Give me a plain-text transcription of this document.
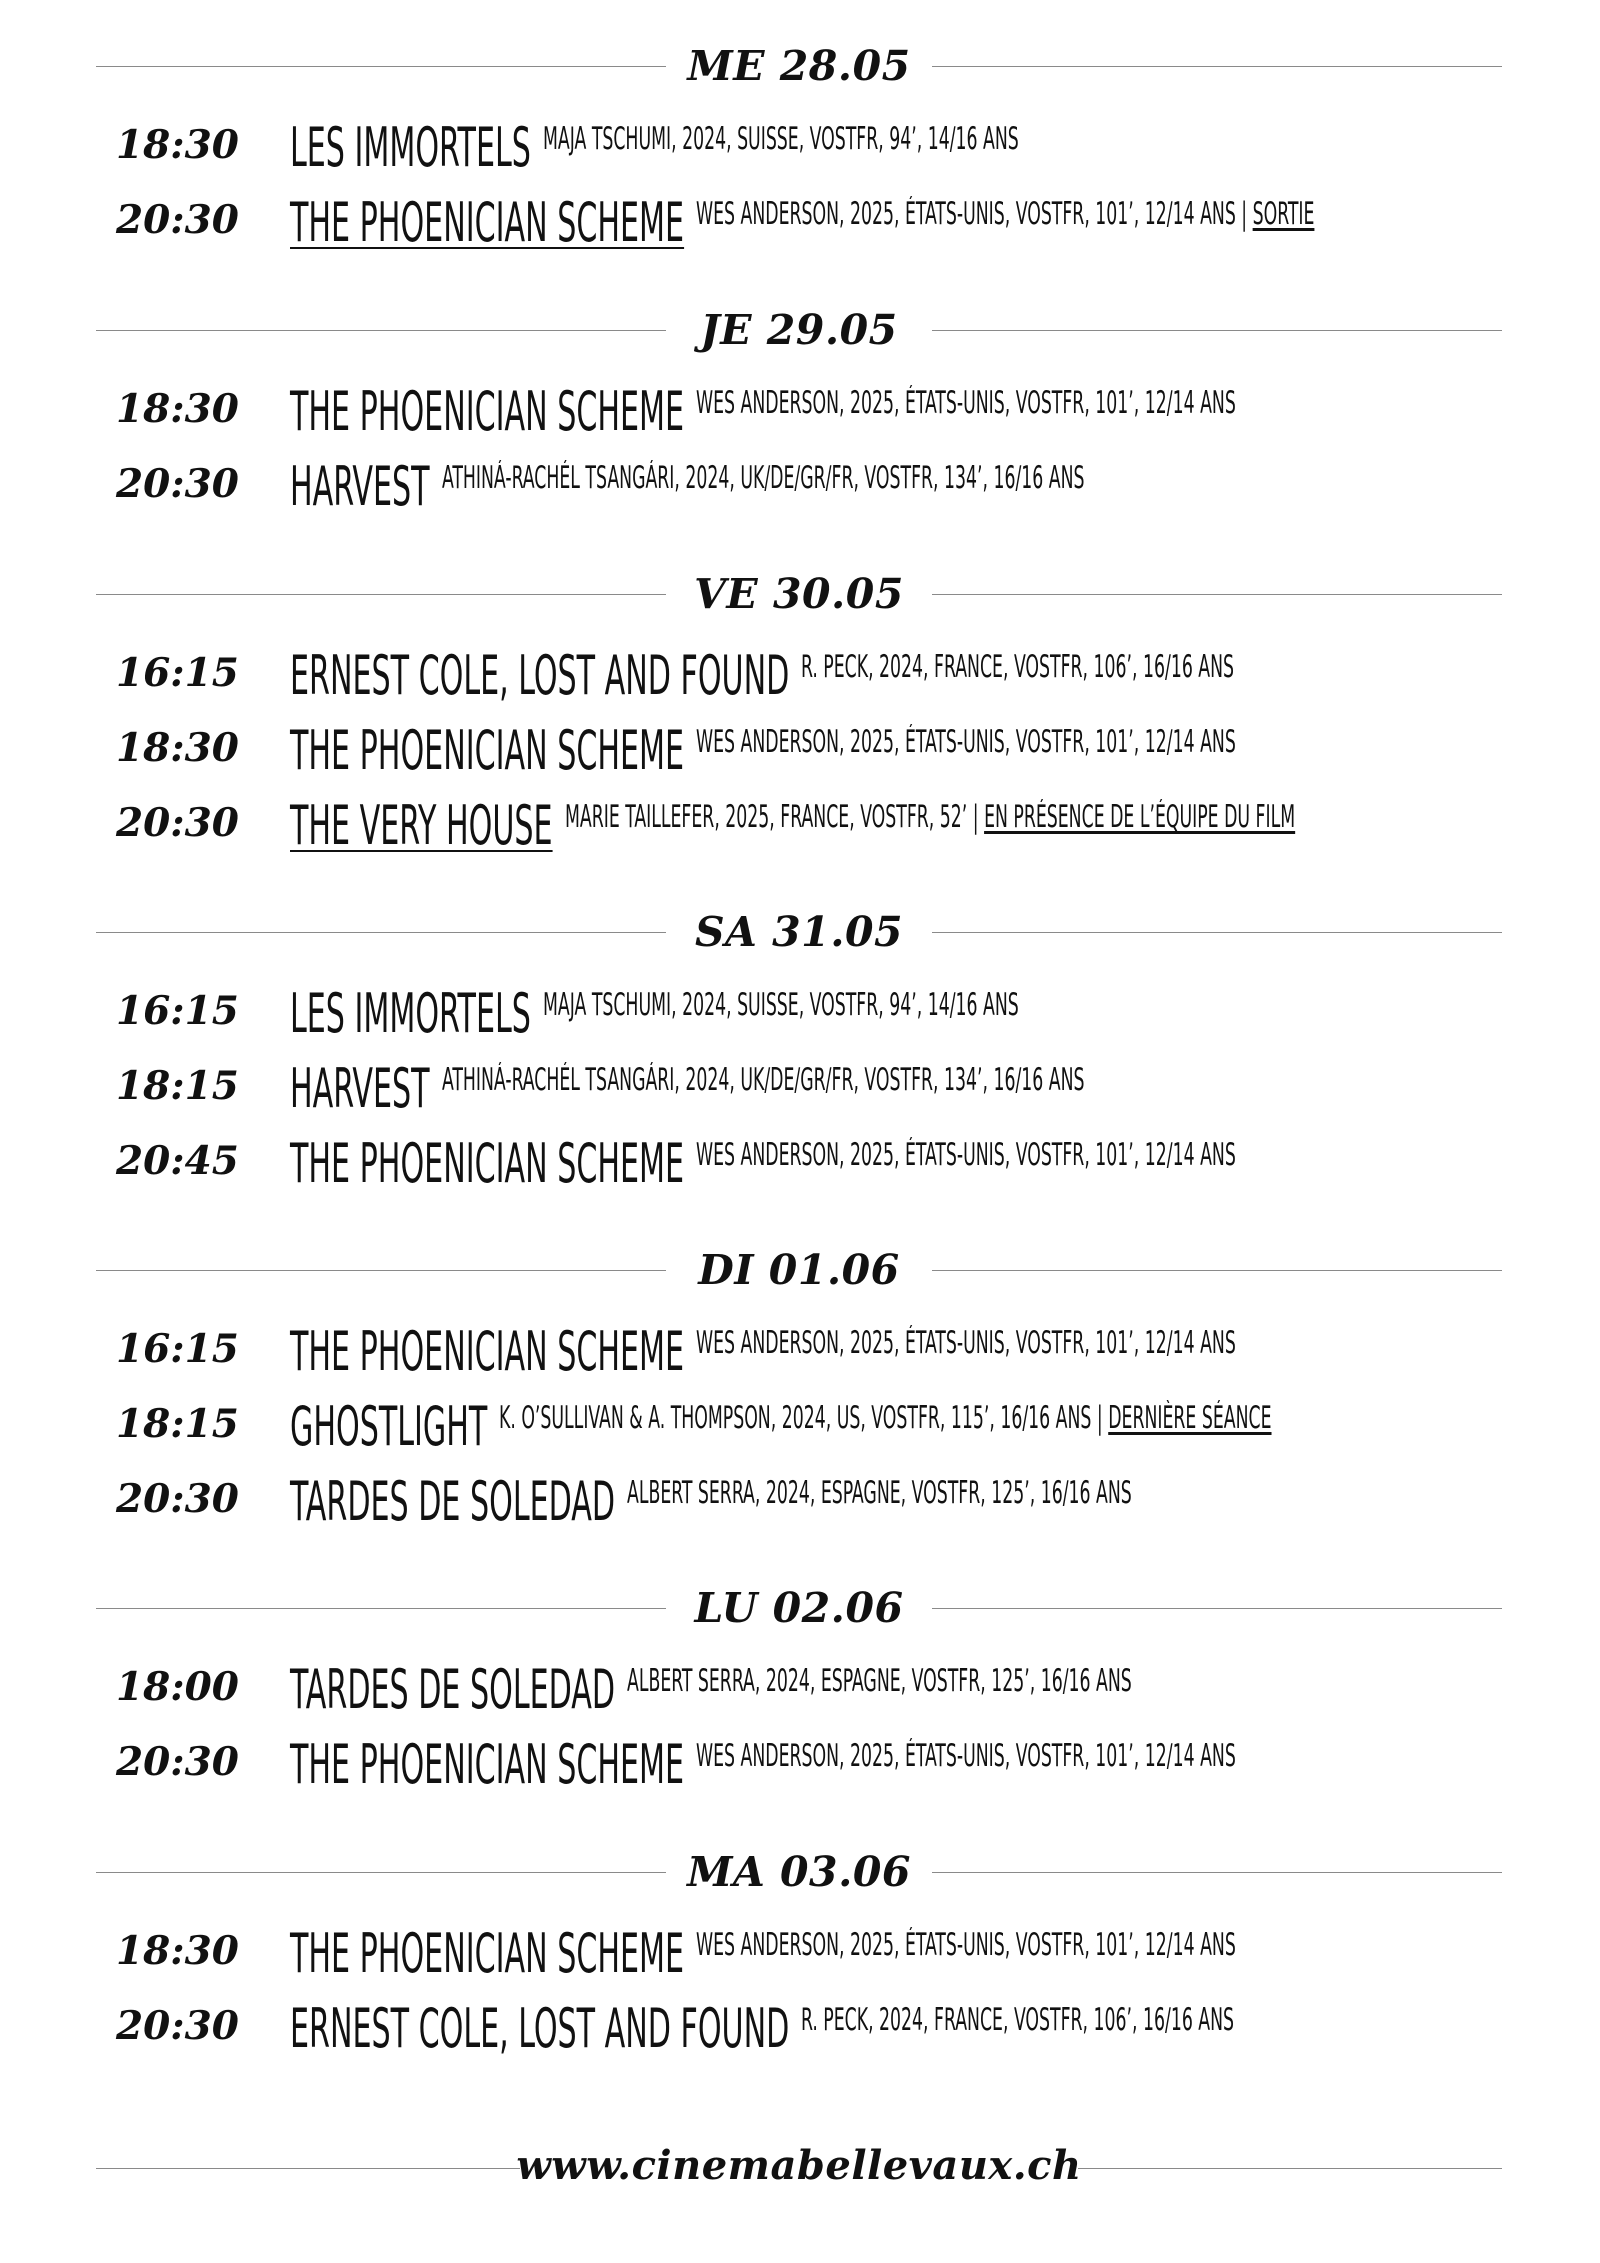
ME 28.05
18:30 LES IMMORTELS MAJA TSCHUMI, 2024, SUISSE, VOSTFR, 94’, 14/16 ANS
20:30 THE PHOENICIAN SCHEME WES ANDERSON, 2025, ÉTATS-UNIS, VOSTFR, 101’, 12/14 ANS | SORTIE
JE 29.05
18:30 THE PHOENICIAN SCHEME WES ANDERSON, 2025, ÉTATS-UNIS, VOSTFR, 101’, 12/14 ANS
20:30 HARVEST ATHINÁ-RACHÉL TSANGÁRI, 2024, UK/DE/GR/FR, VOSTFR, 134’, 16/16 ANS
VE 30.05
16:15 ERNEST COLE, LOST AND FOUND R. PECK, 2024, FRANCE, VOSTFR, 106’, 16/16 ANS
18:30 THE PHOENICIAN SCHEME WES ANDERSON, 2025, ÉTATS-UNIS, VOSTFR, 101’, 12/14 ANS
20:30 THE VERY HOUSE MARIE TAILLEFER, 2025, FRANCE, VOSTFR, 52’ | EN PRÉSENCE DE L’ÉQUIPE DU FILM
SA 31.05
16:15 LES IMMORTELS MAJA TSCHUMI, 2024, SUISSE, VOSTFR, 94’, 14/16 ANS
18:15 HARVEST ATHINÁ-RACHÉL TSANGÁRI, 2024, UK/DE/GR/FR, VOSTFR, 134’, 16/16 ANS
20:45 THE PHOENICIAN SCHEME WES ANDERSON, 2025, ÉTATS-UNIS, VOSTFR, 101’, 12/14 ANS
DI 01.06
16:15 THE PHOENICIAN SCHEME WES ANDERSON, 2025, ÉTATS-UNIS, VOSTFR, 101’, 12/14 ANS
18:15 GHOSTLIGHT K. O’SULLIVAN & A. THOMPSON, 2024, US, VOSTFR, 115’, 16/16 ANS | DERNIÈRE SÉANCE
20:30 TARDES DE SOLEDAD ALBERT SERRA, 2024, ESPAGNE, VOSTFR, 125’, 16/16 ANS
LU 02.06
18:00 TARDES DE SOLEDAD ALBERT SERRA, 2024, ESPAGNE, VOSTFR, 125’, 16/16 ANS
20:30 THE PHOENICIAN SCHEME WES ANDERSON, 2025, ÉTATS-UNIS, VOSTFR, 101’, 12/14 ANS
MA 03.06
18:30 THE PHOENICIAN SCHEME WES ANDERSON, 2025, ÉTATS-UNIS, VOSTFR, 101’, 12/14 ANS
20:30 ERNEST COLE, LOST AND FOUND R. PECK, 2024, FRANCE, VOSTFR, 106’, 16/16 ANS
www.cinemabellevaux.ch
